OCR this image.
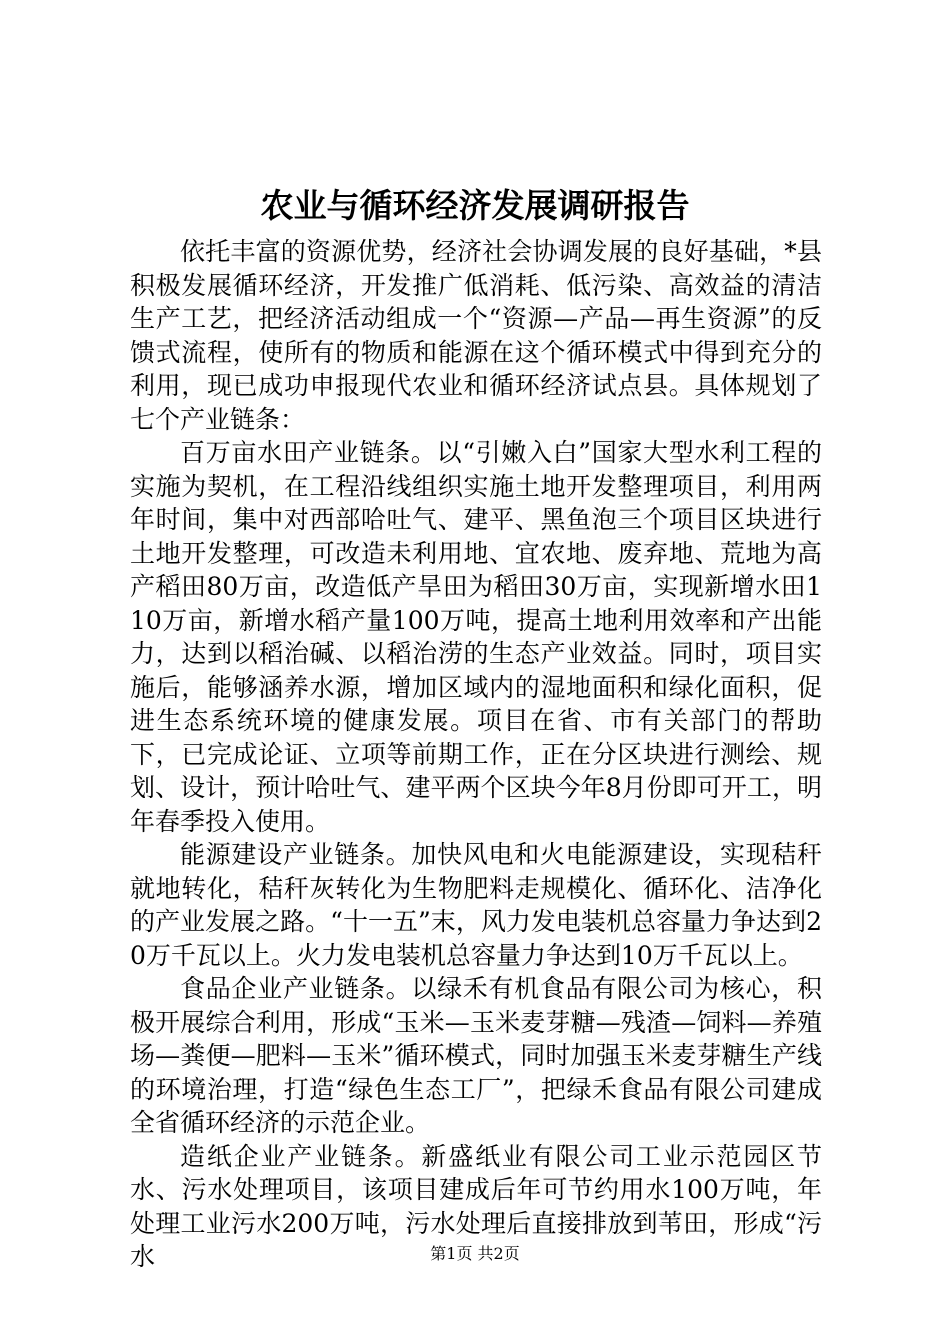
农业与循环经济发展调研报告

依托丰富的资源优势，经济社会协调发展的良好基础，*县积极发展循环经济，开发推广低消耗、低污染、高效益的清洁生产工艺，把经济活动组成一个“资源—产品—再生资源”的反馈式流程，使所有的物质和能源在这个循环模式中得到充分的利用，现已成功申报现代农业和循环经济试点县。具体规划了七个产业链条：

百万亩水田产业链条。以“引嫩入白”国家大型水利工程的实施为契机，在工程沿线组织实施土地开发整理项目，利用两年时间，集中对西部哈吐气、建平、黑鱼泡三个项目区块进行土地开发整理，可改造未利用地、宜农地、废弃地、荒地为高产稻田80万亩，改造低产旱田为稻田30万亩，实现新增水田110万亩，新增水稻产量100万吨，提高土地利用效率和产出能力，达到以稻治碱、以稻治涝的生态产业效益。同时，项目实施后，能够涵养水源，增加区域内的湿地面积和绿化面积，促进生态系统环境的健康发展。项目在省、市有关部门的帮助下，已完成论证、立项等前期工作，正在分区块进行测绘、规划、设计，预计哈吐气、建平两个区块今年8月份即可开工，明年春季投入使用。

能源建设产业链条。加快风电和火电能源建设，实现秸秆就地转化，秸秆灰转化为生物肥料走规模化、循环化、洁净化的产业发展之路。“十一五”末，风力发电装机总容量力争达到20万千瓦以上。火力发电装机总容量力争达到10万千瓦以上。

食品企业产业链条。以绿禾有机食品有限公司为核心，积极开展综合利用，形成“玉米—玉米麦芽糖—残渣—饲料—养殖场—粪便—肥料—玉米”循环模式，同时加强玉米麦芽糖生产线的环境治理，打造“绿色生态工厂”，把绿禾食品有限公司建成全省循环经济的示范企业。

造纸企业产业链条。新盛纸业有限公司工业示范园区节水、污水处理项目，该项目建成后年可节约用水100万吨，年处理工业污水200万吨，污水处理后直接排放到苇田，形成“污水	第1页 共2页
